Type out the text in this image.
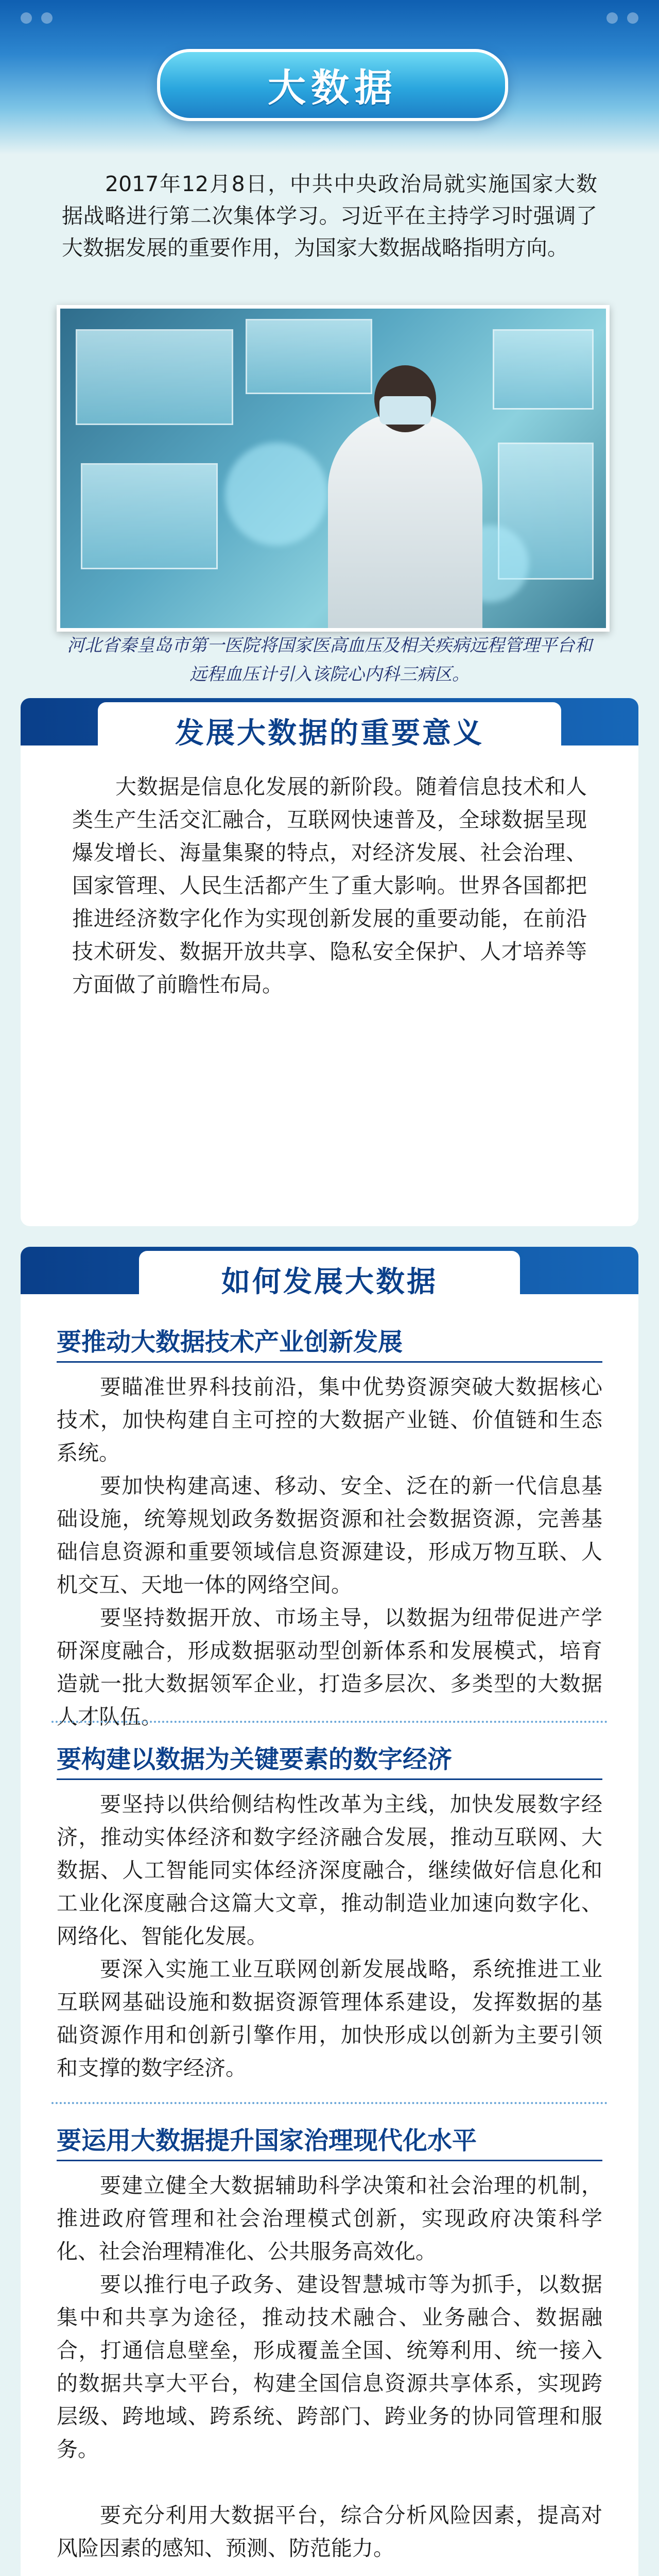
大数据

2017年12月8日，中共中央政治局就实施国家大数据战略进行第二次集体学习。习近平在主持学习时强调了大数据发展的重要作用，为国家大数据战略指明方向。

河北省秦皇岛市第一医院将国家医高血压及相关疾病远程管理平台和远程血压计引入该院心内科三病区。

发展大数据的重要意义

大数据是信息化发展的新阶段。随着信息技术和人类生产生活交汇融合，互联网快速普及，全球数据呈现爆发增长、海量集聚的特点，对经济发展、社会治理、国家管理、人民生活都产生了重大影响。世界各国都把推进经济数字化作为实现创新发展的重要动能，在前沿技术研发、数据开放共享、隐私安全保护、人才培养等方面做了前瞻性布局。

如何发展大数据
要推动大数据技术产业创新发展

要瞄准世界科技前沿，集中优势资源突破大数据核心技术，加快构建自主可控的大数据产业链、价值链和生态系统。

要加快构建高速、移动、安全、泛在的新一代信息基础设施，统筹规划政务数据资源和社会数据资源，完善基础信息资源和重要领域信息资源建设，形成万物互联、人机交互、天地一体的网络空间。

要坚持数据开放、市场主导，以数据为纽带促进产学研深度融合，形成数据驱动型创新体系和发展模式，培育造就一批大数据领军企业，打造多层次、多类型的大数据人才队伍。

要构建以数据为关键要素的数字经济

要坚持以供给侧结构性改革为主线，加快发展数字经济，推动实体经济和数字经济融合发展，推动互联网、大数据、人工智能同实体经济深度融合，继续做好信息化和工业化深度融合这篇大文章，推动制造业加速向数字化、网络化、智能化发展。

要深入实施工业互联网创新发展战略，系统推进工业互联网基础设施和数据资源管理体系建设，发挥数据的基础资源作用和创新引擎作用，加快形成以创新为主要引领和支撑的数字经济。

要运用大数据提升国家治理现代化水平

要建立健全大数据辅助科学决策和社会治理的机制，推进政府管理和社会治理模式创新，实现政府决策科学化、社会治理精准化、公共服务高效化。

要以推行电子政务、建设智慧城市等为抓手，以数据集中和共享为途径，推动技术融合、业务融合、数据融合，打通信息壁垒，形成覆盖全国、统筹利用、统一接入的数据共享大平台，构建全国信息资源共享体系，实现跨层级、跨地域、跨系统、跨部门、跨业务的协同管理和服务。

要充分利用大数据平台，综合分析风险因素，提高对风险因素的感知、预测、防范能力。
